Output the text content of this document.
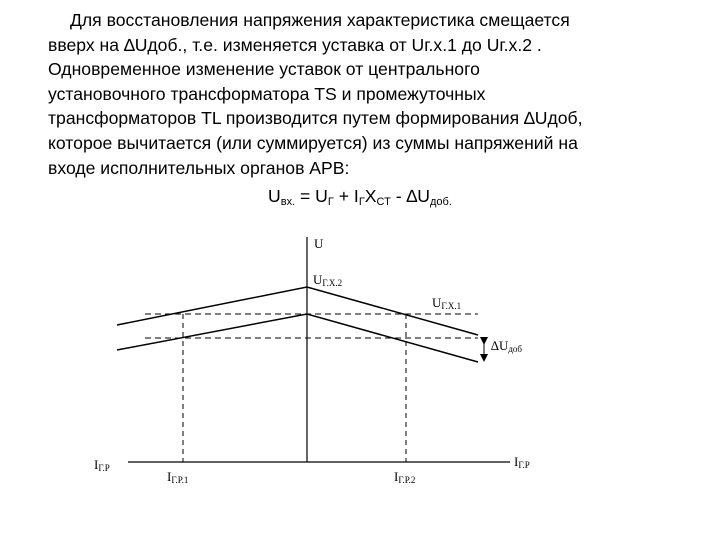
Для восстановления напряжения характеристика смещается
вверх на ∆Uдоб., т.е. изменяется уставка от Uг.х.1 до Uг.х.2 .
Одновременное изменение уставок от центрального
установочного трансформатора TS и промежуточных
трансформаторов TL производится путем формирования ∆Uдоб,
которое вычитается (или суммируется) из суммы напряжений на
входе исполнительных органов АРВ:
$U_{вх.} = U_Г + I_ГX_{СТ} - \Delta U_{доб.}$
U
UГ.Х.2
UГ.Х.1
∆Uдоб
IГ.Р	IГ.Р
IГ.Р.1	IГ.Р.2
